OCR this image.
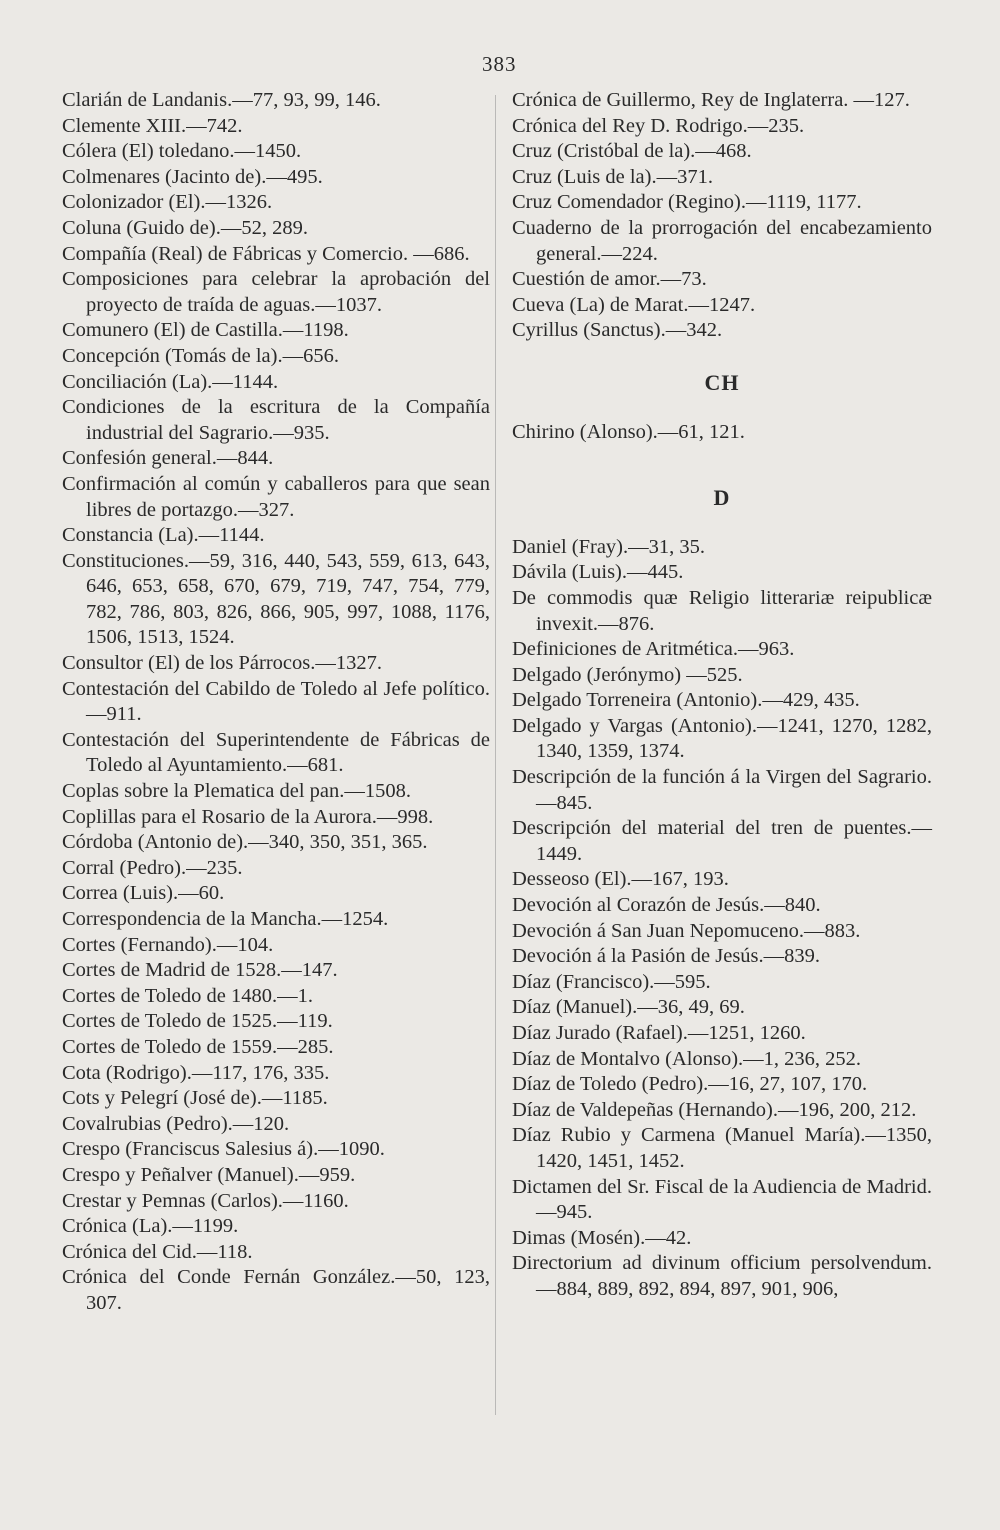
383

Clarián de Landanis.—77, 93, 99, 146.

Clemente XIII.—742.

Cólera (El) toledano.—1450.

Colmenares (Jacinto de).—495.

Colonizador (El).—1326.

Coluna (Guido de).—52, 289.

Compañía (Real) de Fábricas y Comercio. —686.

Composiciones para celebrar la aprobación del proyecto de traída de aguas.—1037.

Comunero (El) de Castilla.—1198.

Concepción (Tomás de la).—656.

Conciliación (La).—1144.

Condiciones de la escritura de la Compañía industrial del Sagrario.—935.

Confesión general.—844.

Confirmación al común y caballeros para que sean libres de portazgo.—327.

Constancia (La).—1144.

Constituciones.—59, 316, 440, 543, 559, 613, 643, 646, 653, 658, 670, 679, 719, 747, 754, 779, 782, 786, 803, 826, 866, 905, 997, 1088, 1176, 1506, 1513, 1524.

Consultor (El) de los Párrocos.—1327.

Contestación del Cabildo de Toledo al Jefe político.—911.

Contestación del Superintendente de Fábricas de Toledo al Ayuntamiento.—681.

Coplas sobre la Plematica del pan.—1508.

Coplillas para el Rosario de la Aurora.—998.

Córdoba (Antonio de).—340, 350, 351, 365.

Corral (Pedro).—235.

Correa (Luis).—60.

Correspondencia de la Mancha.—1254.

Cortes (Fernando).—104.

Cortes de Madrid de 1528.—147.

Cortes de Toledo de 1480.—1.

Cortes de Toledo de 1525.—119.

Cortes de Toledo de 1559.—285.

Cota (Rodrigo).—117, 176, 335.

Cots y Pelegrí (José de).—1185.

Covalrubias (Pedro).—120.

Crespo (Franciscus Salesius á).—1090.

Crespo y Peñalver (Manuel).—959.

Crestar y Pemnas (Carlos).—1160.

Crónica (La).—1199.

Crónica del Cid.—118.

Crónica del Conde Fernán González.—50, 123, 307.

Crónica de Guillermo, Rey de Inglaterra. —127.

Crónica del Rey D. Rodrigo.—235.

Cruz (Cristóbal de la).—468.

Cruz (Luis de la).—371.

Cruz Comendador (Regino).—1119, 1177.

Cuaderno de la prorrogación del encabezamiento general.—224.

Cuestión de amor.—73.

Cueva (La) de Marat.—1247.

Cyrillus (Sanctus).—342.

CH

Chirino (Alonso).—61, 121.

D

Daniel (Fray).—31, 35.

Dávila (Luis).—445.

De commodis quæ Religio litterariæ reipublicæ invexit.—876.

Definiciones de Aritmética.—963.

Delgado (Jerónymo) —525.

Delgado Torreneira (Antonio).—429, 435.

Delgado y Vargas (Antonio).—1241, 1270, 1282, 1340, 1359, 1374.

Descripción de la función á la Virgen del Sagrario.—845.

Descripción del material del tren de puentes.—1449.

Desseoso (El).—167, 193.

Devoción al Corazón de Jesús.—840.

Devoción á San Juan Nepomuceno.—883.

Devoción á la Pasión de Jesús.—839.

Díaz (Francisco).—595.

Díaz (Manuel).—36, 49, 69.

Díaz Jurado (Rafael).—1251, 1260.

Díaz de Montalvo (Alonso).—1, 236, 252.

Díaz de Toledo (Pedro).—16, 27, 107, 170.

Díaz de Valdepeñas (Hernando).—196, 200, 212.

Díaz Rubio y Carmena (Manuel María).—1350, 1420, 1451, 1452.

Dictamen del Sr. Fiscal de la Audiencia de Madrid.—945.

Dimas (Mosén).—42.

Directorium ad divinum officium persolvendum.—884, 889, 892, 894, 897, 901, 906,
